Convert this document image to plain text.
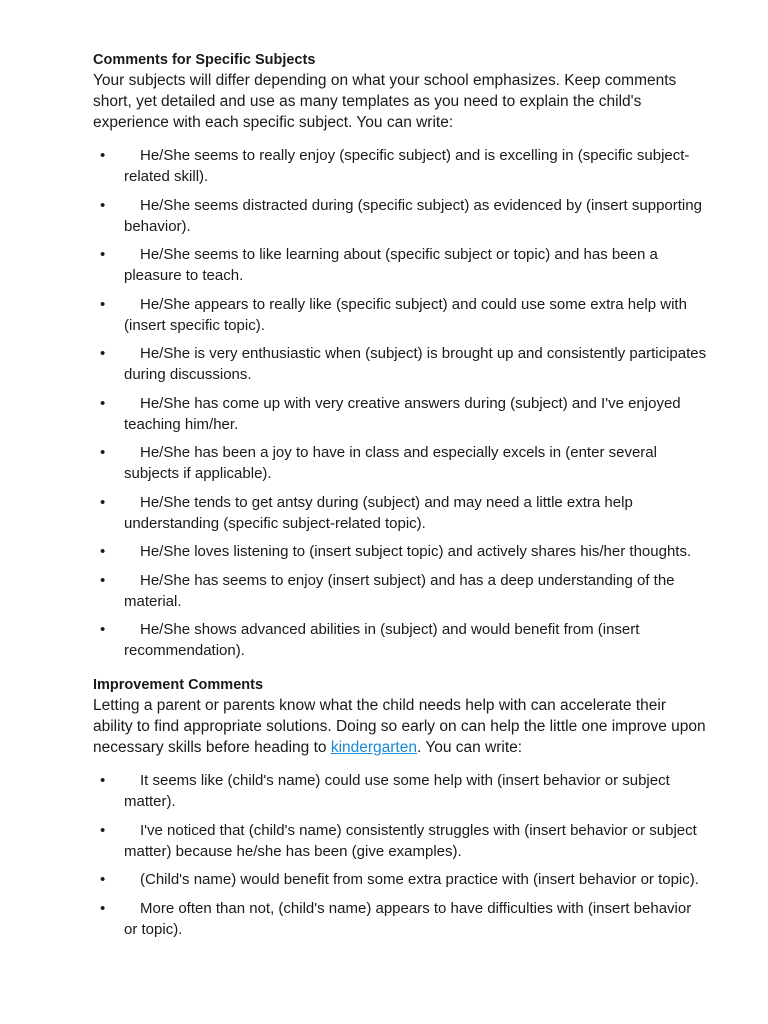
Comments for Specific Subjects

Your subjects will differ depending on what your school emphasizes. Keep comments short, yet detailed and use as many templates as you need to explain the child's experience with each specific subject. You can write:

• He/She seems to really enjoy (specific subject) and is excelling in (specific subject-related skill).
• He/She seems distracted during (specific subject) as evidenced by (insert supporting behavior).
• He/She seems to like learning about (specific subject or topic) and has been a pleasure to teach.
• He/She appears to really like (specific subject) and could use some extra help with (insert specific topic).
• He/She is very enthusiastic when (subject) is brought up and consistently participates during discussions.
• He/She has come up with very creative answers during (subject) and I've enjoyed teaching him/her.
• He/She has been a joy to have in class and especially excels in (enter several subjects if applicable).
• He/She tends to get antsy during (subject) and may need a little extra help understanding (specific subject-related topic).
• He/She loves listening to (insert subject topic) and actively shares his/her thoughts.
• He/She has seems to enjoy (insert subject) and has a deep understanding of the material.
• He/She shows advanced abilities in (subject) and would benefit from (insert recommendation).
Improvement Comments

Letting a parent or parents know what the child needs help with can accelerate their ability to find appropriate solutions. Doing so early on can help the little one improve upon necessary skills before heading to kindergarten. You can write:

• It seems like (child's name) could use some help with (insert behavior or subject matter).
• I've noticed that (child's name) consistently struggles with (insert behavior or subject matter) because he/she has been (give examples).
• (Child's name) would benefit from some extra practice with (insert behavior or topic).
• More often than not, (child's name) appears to have difficulties with (insert behavior or topic).
